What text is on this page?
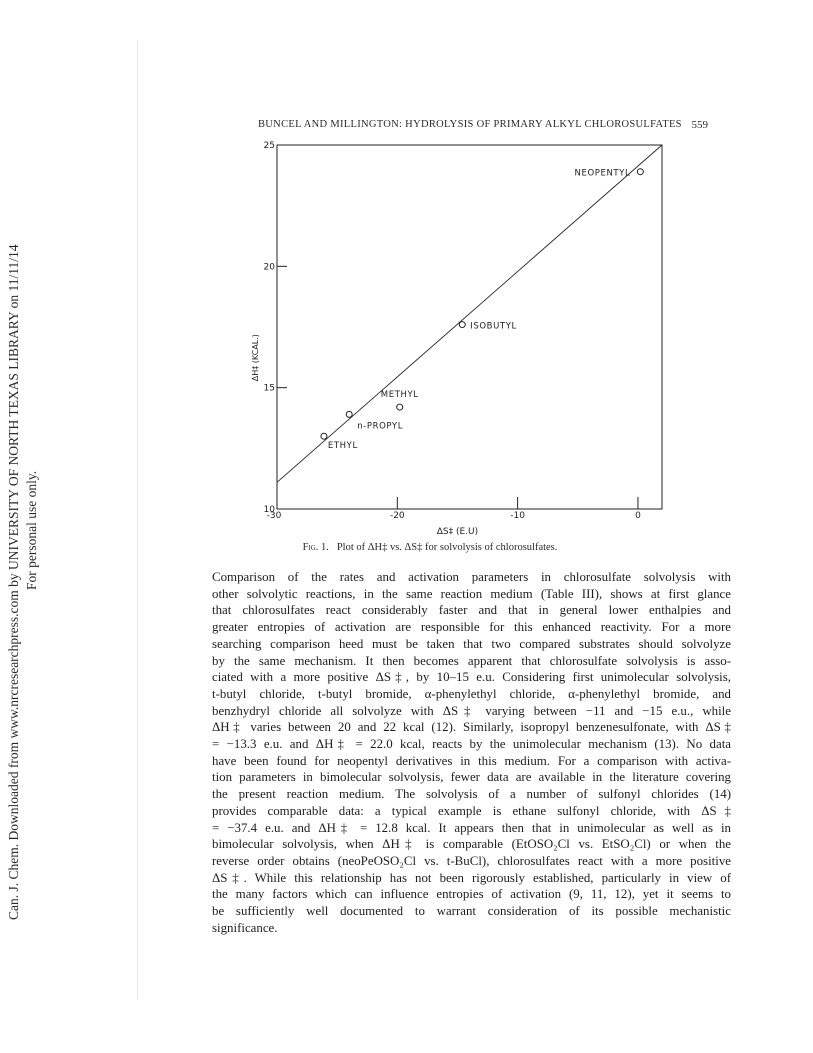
Can. J. Chem. Downloaded from www.nrcresearchpress.com by UNIVERSITY OF NORTH TEXAS LIBRARY on 11/11/14 For personal use only.
BUNCEL AND MILLINGTON: HYDROLYSIS OF PRIMARY ALKYL CHLOROSULFATES 559
10
15
20
25
-30	-20	-10	0
ETHYL
n-PROPYL
METHYL
ISOBUTYL
NEOPENTYL
ΔS‡ (E.U)
ΔH‡ (KCAL.)
Fig. 1. Plot of ΔH‡ vs. ΔS‡ for solvolysis of chlorosulfates.

Comparison of the rates and activation parameters in chlorosulfate solvolysis with
other solvolytic reactions, in the same reaction medium (Table III), shows at first glance
that chlorosulfates react considerably faster and that in general lower enthalpies and
greater entropies of activation are responsible for this enhanced reactivity. For a more
searching comparison heed must be taken that two compared substrates should solvolyze
by the same mechanism. It then becomes apparent that chlorosulfate solvolysis is asso-
ciated with a more positive ΔS‡, by 10–15 e.u. Considering first unimolecular solvolysis,
t-butyl chloride, t-butyl bromide, α-phenylethyl chloride, α-phenylethyl bromide, and
benzhydryl chloride all solvolyze with ΔS‡ varying between −11 and −15 e.u., while
ΔH‡ varies between 20 and 22 kcal (12). Similarly, isopropyl benzenesulfonate, with ΔS‡
= −13.3 e.u. and ΔH‡ = 22.0 kcal, reacts by the unimolecular mechanism (13). No data
have been found for neopentyl derivatives in this medium. For a comparison with activa-
tion parameters in bimolecular solvolysis, fewer data are available in the literature covering
the present reaction medium. The solvolysis of a number of sulfonyl chlorides (14)
provides comparable data: a typical example is ethane sulfonyl chloride, with ΔS‡
= −37.4 e.u. and ΔH‡ = 12.8 kcal. It appears then that in unimolecular as well as in
bimolecular solvolysis, when ΔH‡ is comparable (EtOSO₂Cl vs. EtSO₂Cl) or when the
reverse order obtains (neoPeOSO₂Cl vs. t-BuCl), chlorosulfates react with a more positive
ΔS‡. While this relationship has not been rigorously established, particularly in view of
the many factors which can influence entropies of activation (9, 11, 12), yet it seems to
be sufficiently well documented to warrant consideration of its possible mechanistic
significance.
